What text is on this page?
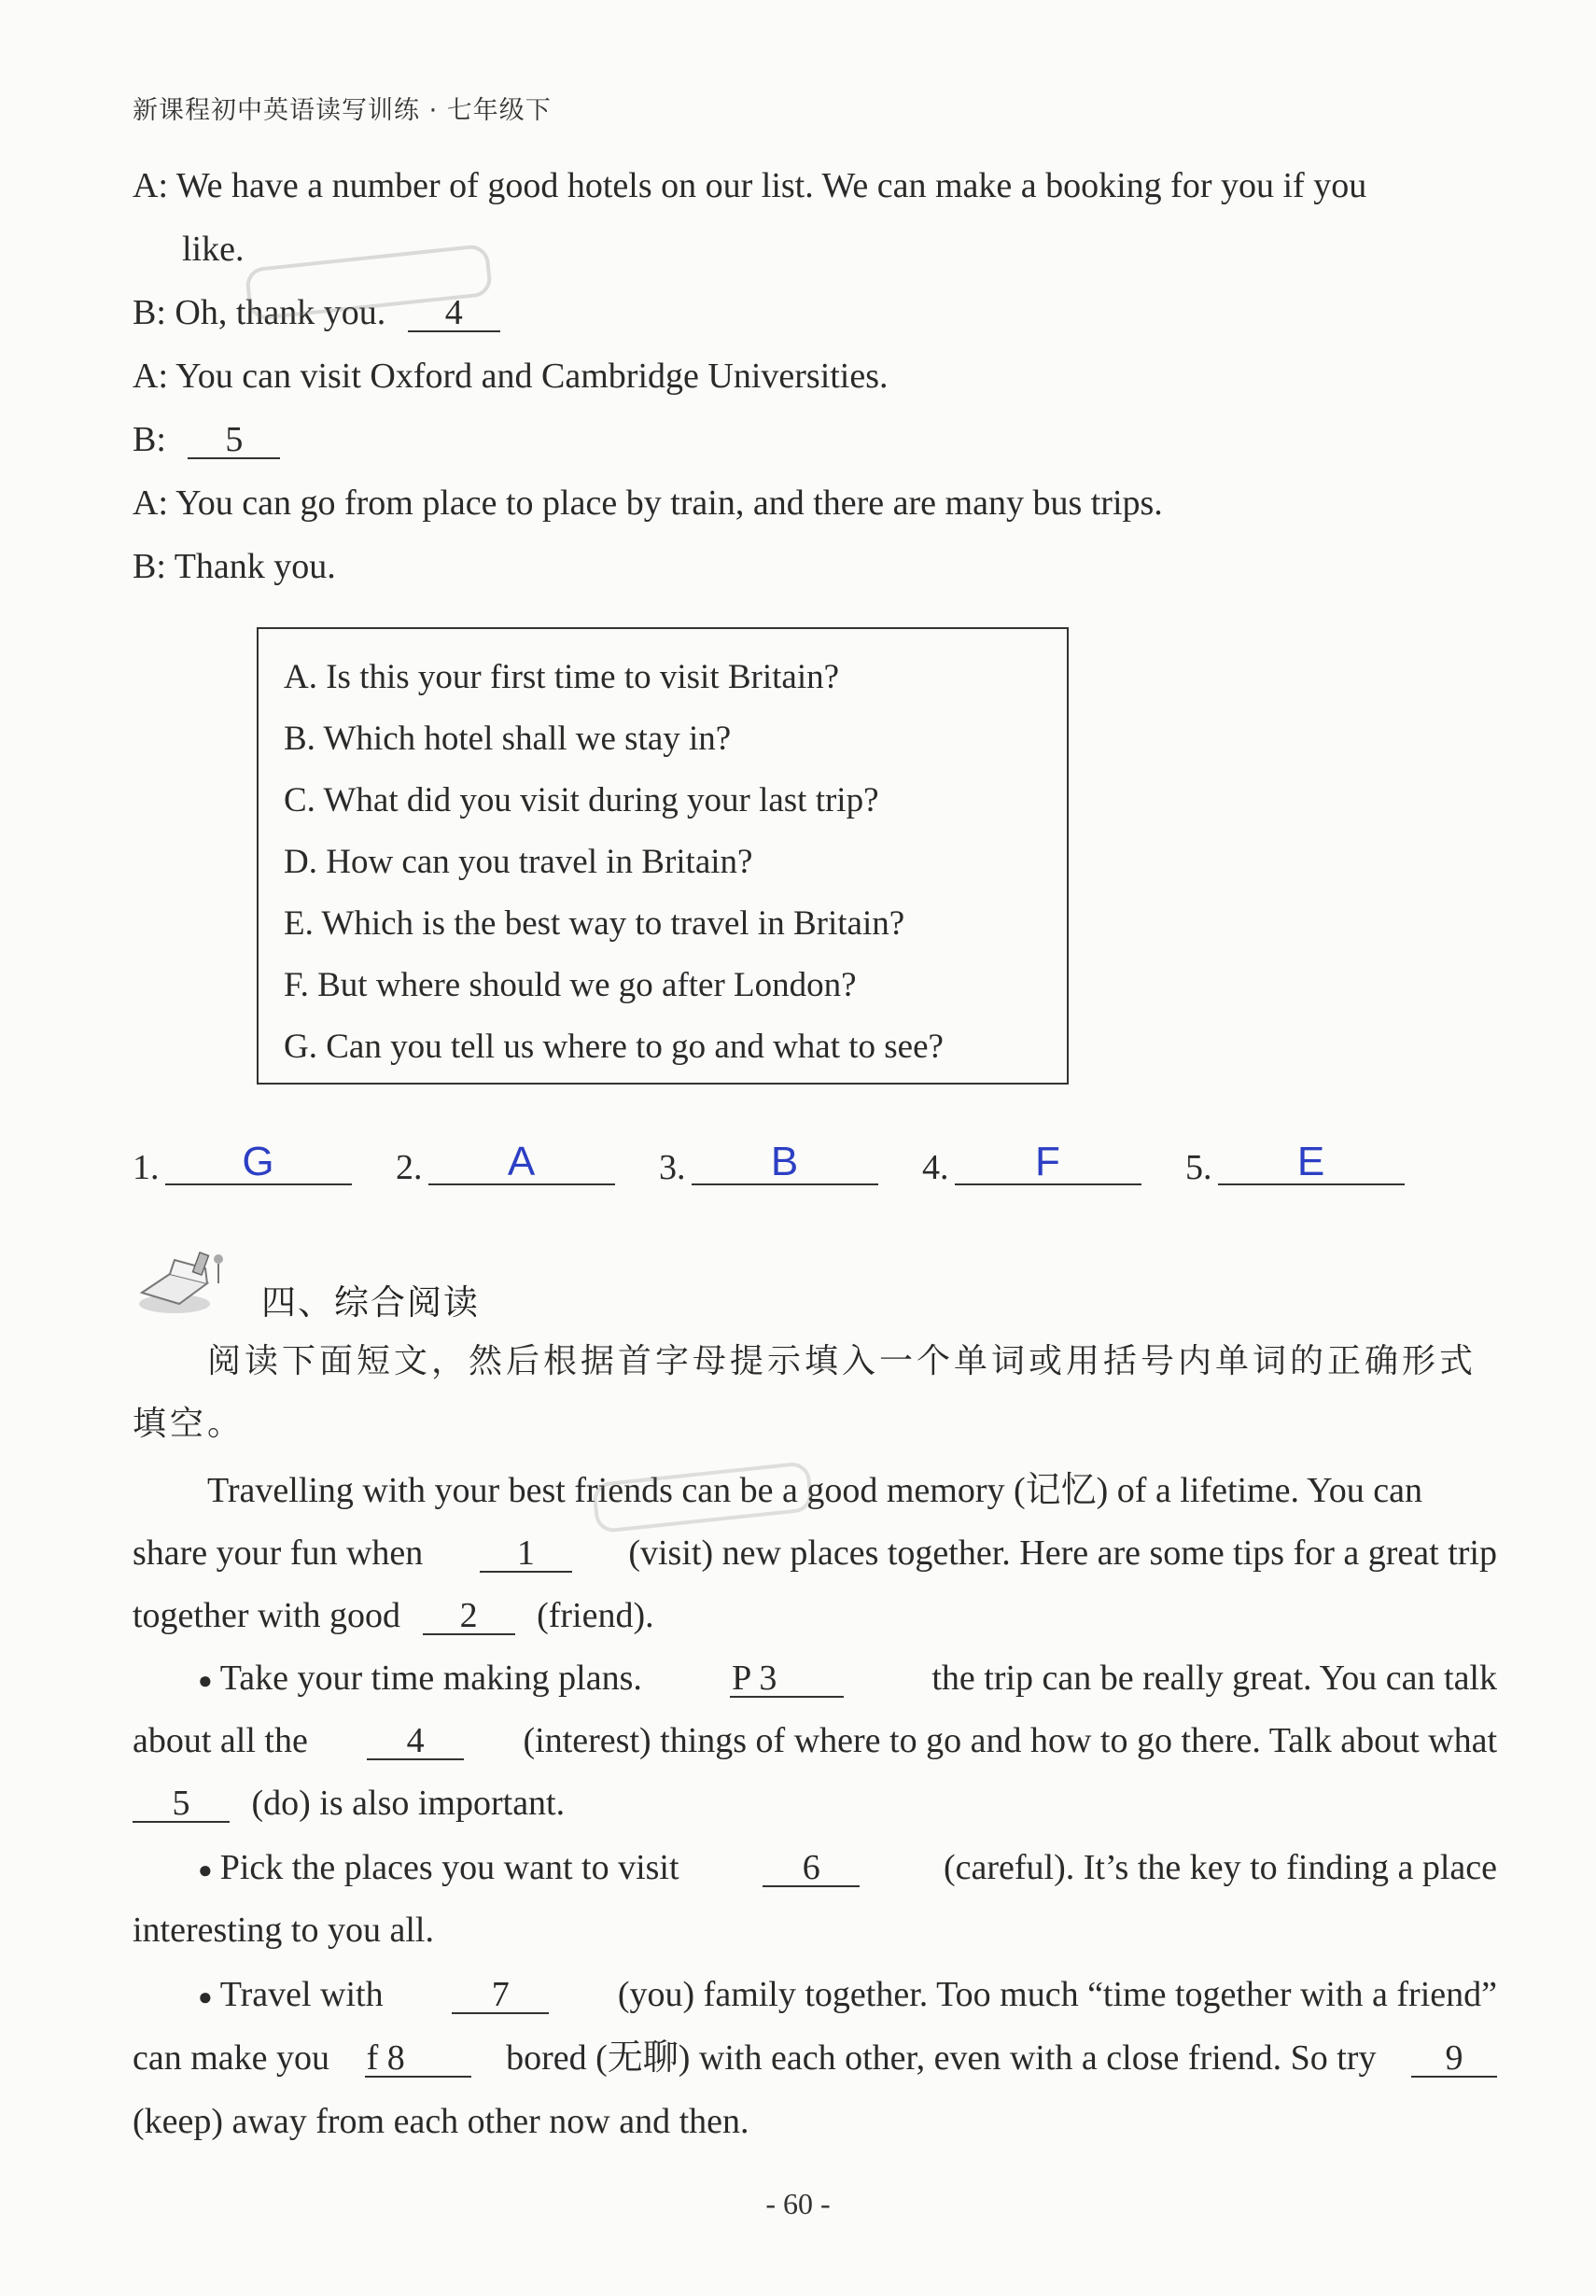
新课程初中英语读写训练 · 七年级下
A: We have a number of good hotels on our list. We can make a booking for you if you
like.
B: Oh, thank you. 4
A: You can visit Oxford and Cambridge Universities.
B: 5
A: You can go from place to place by train, and there are many bus trips.
B: Thank you.
A. Is this your first time to visit Britain?
B. Which hotel shall we stay in?
C. What did you visit during your last trip?
D. How can you travel in Britain?
E. Which is the best way to travel in Britain?
F. But where should we go after London?
G. Can you tell us where to go and what to see?
1. G	2. A	3. B	4. F	5. E
四、综合阅读
阅读下面短文，然后根据首字母提示填入一个单词或用括号内单词的正确形式
填空。
Travelling with your best friends can be a good memory (记忆) of a lifetime. You can
share your fun when	1	(visit) new places together. Here are some tips for a great trip
together with good 2 (friend).
● Take your time making plans.	P 3	the trip can be really great. You can talk
about all the	4	(interest) things of where to go and how to go there. Talk about what
5 (do) is also important.
● Pick the places you want to visit	6	(careful). It’s the key to finding a place
interesting to you all.
● Travel with	7	(you) family together. Too much “time together with a friend”
can make you f 8	bored (无聊) with each other, even with a close friend. So try	9
(keep) away from each other now and then.
- 60 -
